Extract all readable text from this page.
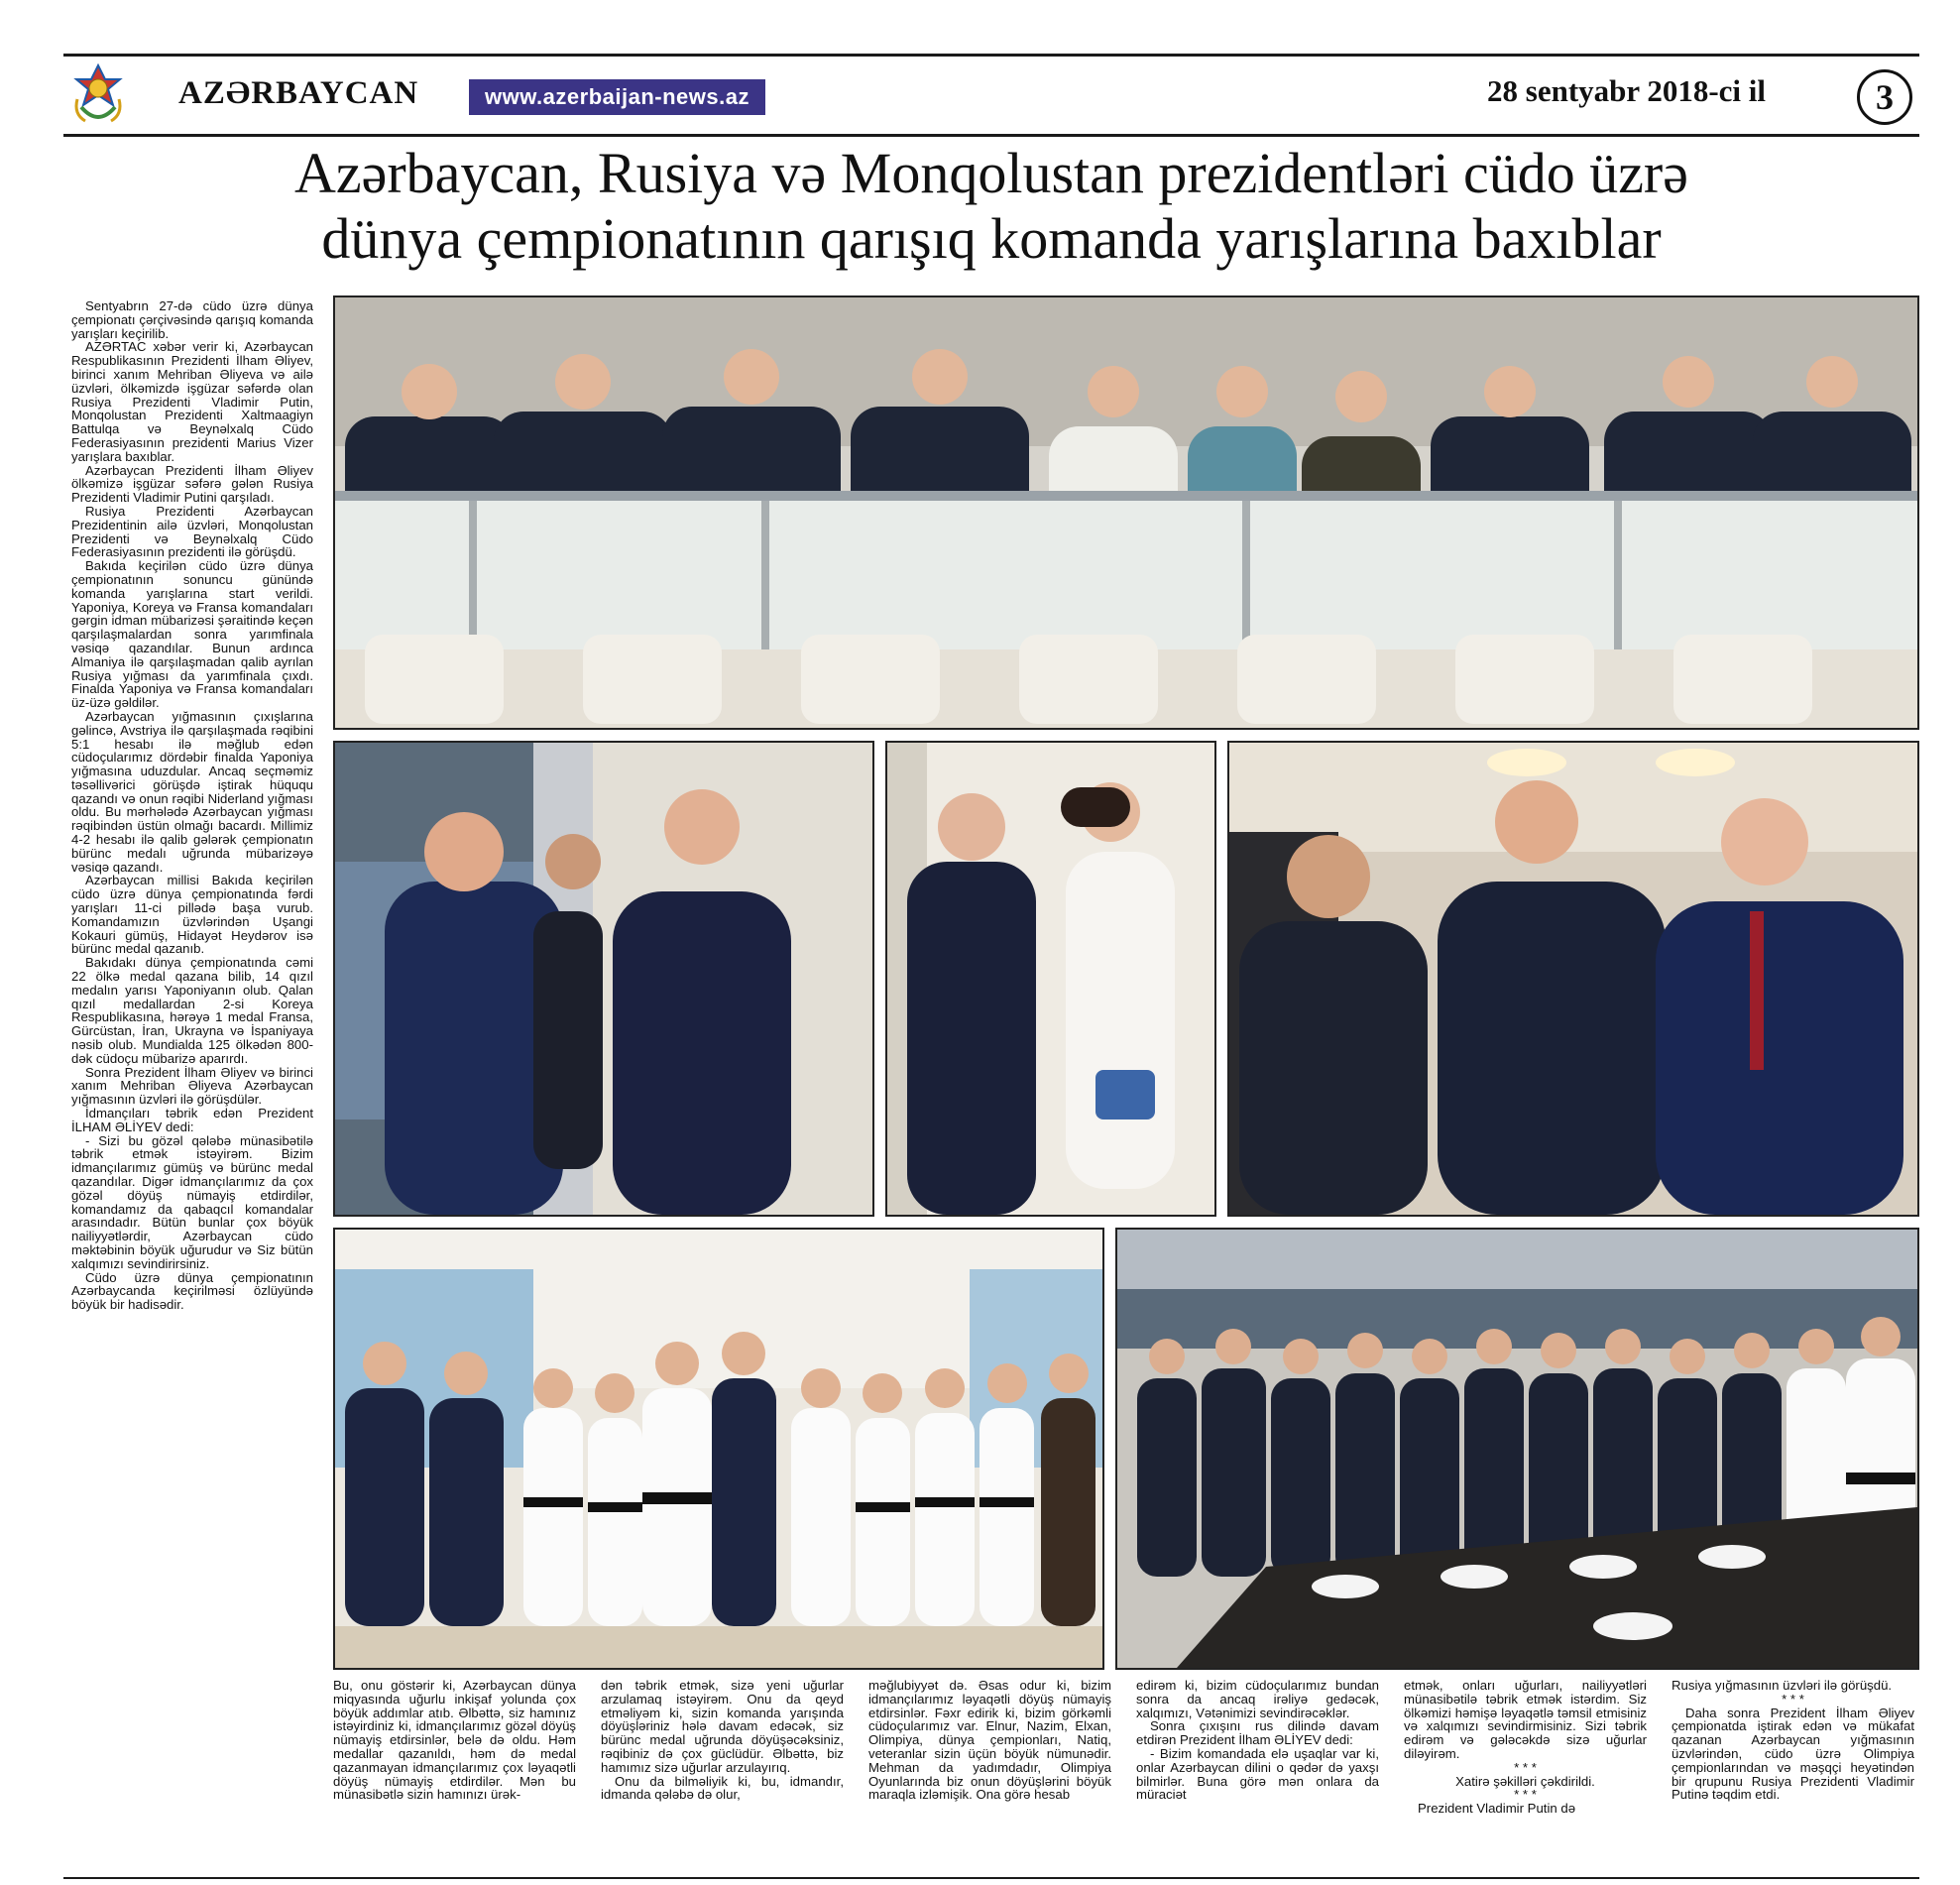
AZƏRBAYCAN	www.azerbaijan-news.az	28 sentyabr 2018-ci il	3
Azərbaycan, Rusiya və Monqolustan prezidentləri cüdo üzrə
dünya çempionatının qarışıq komanda yarışlarına baxıblar

Sentyabrın 27-də cüdo üzrə dünya çempionatı çərçivəsində qarışıq komanda yarışları keçirilib.

AZƏRTAC xəbər verir ki, Azərbaycan Respublikasının Prezidenti İlham Əliyev, birinci xanım Mehriban Əliyeva və ailə üzvləri, ölkəmizdə işgüzar səfərdə olan Rusiya Prezidenti Vladimir Putin, Monqolustan Prezidenti Xaltmaagiyn Battulqa və Beynəlxalq Cüdo Federasiyasının prezidenti Marius Vizer yarışlara baxıblar.

Azərbaycan Prezidenti İlham Əliyev ölkəmizə işgüzar səfərə gələn Rusiya Prezidenti Vladimir Putini qarşıladı.

Rusiya Prezidenti Azərbaycan Prezidentinin ailə üzvləri, Monqolustan Prezidenti və Beynəlxalq Cüdo Federasiyasının prezidenti ilə görüşdü.

Bakıda keçirilən cüdo üzrə dünya çempionatının sonuncu günündə komanda yarışlarına start verildi. Yaponiya, Koreya və Fransa komandaları gərgin idman mübarizəsi şəraitində keçən qarşılaşmalardan sonra yarımfinala vəsiqə qazandılar. Bunun ardınca Almaniya ilə qarşılaşmadan qalib ayrılan Rusiya yığması da yarımfinala çıxdı. Finalda Yaponiya və Fransa komandaları üz-üzə gəldilər.

Azərbaycan yığmasının çıxışlarına gəlincə, Avstriya ilə qarşılaşmada rəqibini 5:1 hesabı ilə məğlub edən cüdoçularımız dördəbir finalda Yaponiya yığmasına uduzdular. Ancaq seçməmiz təsəllivərici görüşdə iştirak hüququ qazandı və onun rəqibi Niderland yığması oldu. Bu mərhələdə Azərbaycan yığması rəqibindən üstün olmağı bacardı. Millimiz 4-2 hesabı ilə qalib gələrək çempionatın bürünc medalı uğrunda mübarizəyə vəsiqə qazandı.

Azərbaycan millisi Bakıda keçirilən cüdo üzrə dünya çempionatında fərdi yarışları 11-ci pillədə başa vurub. Komandamızın üzvlərindən Uşangi Kokauri gümüş, Hidayət Heydərov isə bürünc medal qazanıb.

Bakıdakı dünya çempionatında cəmi 22 ölkə medal qazana bilib, 14 qızıl medalın yarısı Yaponiyanın olub. Qalan qızıl medallardan 2-si Koreya Respublikasına, hərəyə 1 medal Fransa, Gürcüstan, İran, Ukrayna və İspaniyaya nəsib olub. Mundialda 125 ölkədən 800-dək cüdoçu mübarizə aparırdı.

Sonra Prezident İlham Əliyev və birinci xanım Mehriban Əliyeva Azərbaycan yığmasının üzvləri ilə görüşdülər.

İdmançıları təbrik edən Prezident İLHAM ƏLİYEV dedi:

- Sizi bu gözəl qələbə münasibətilə təbrik etmək istəyirəm. Bizim idmançılarımız gümüş və bürünc medal qazandılar. Digər idmançılarımız da çox gözəl döyüş nümayiş etdirdilər, komandamız da qabaqcıl komandalar arasındadır. Bütün bunlar çox böyük nailiyyətlərdir, Azərbaycan cüdo məktəbinin böyük uğurudur və Siz bütün xalqımızı sevindirirsiniz.

Cüdo üzrə dünya çempionatının Azərbaycanda keçirilməsi özlüyündə böyük bir hadisədir.

Bu, onu göstərir ki, Azərbaycan dünya miqyasında uğurlu inkişaf yolunda çox böyük addımlar atıb. Əlbəttə, siz hamınız istəyirdiniz ki, idmançılarımız gözəl döyüş nümayiş etdirsinlər, belə də oldu. Həm medallar qazanıldı, həm də medal qazanmayan idmançılarımız çox ləyaqətli döyüş nümayiş etdirdilər. Mən bu münasibətlə sizin hamınızı ürək-

dən təbrik etmək, sizə yeni uğurlar arzulamaq istəyirəm. Onu da qeyd etməliyəm ki, sizin komanda yarışında döyüşləriniz hələ davam edəcək, siz bürünc medal uğrunda döyüşəcəksiniz, rəqibiniz də çox güclüdür. Əlbəttə, biz hamımız sizə uğurlar arzulayırıq.

Onu da bilməliyik ki, bu, idmandır, idmanda qələbə də olur,

məğlubiyyət də. Əsas odur ki, bizim idmançılarımız ləyaqətli döyüş nümayiş etdirsinlər. Fəxr edirik ki, bizim görkəmli cüdoçularımız var. Elnur, Nazim, Elxan, Olimpiya, dünya çempionları, Natiq, veteranlar sizin üçün böyük nümunədir. Mehman da yadımdadır, Olimpiya Oyunlarında biz onun döyüşlərini böyük maraqla izləmişik. Ona görə hesab

edirəm ki, bizim cüdoçularımız bundan sonra da ancaq irəliyə gedəcək, xalqımızı, Vətənimizi sevindirəcəklər.

Sonra çıxışını rus dilində davam etdirən Prezident İlham ƏLİYEV dedi:

- Bizim komandada elə uşaqlar var ki, onlar Azərbaycan dilini o qədər də yaxşı bilmirlər. Buna görə mən onlara da müraciət

etmək, onları uğurları, nailiyyətləri münasibətilə təbrik etmək istərdim. Siz ölkəmizi həmişə ləyaqətlə təmsil etmisiniz və xalqımızı sevindirmisiniz. Sizi təbrik edirəm və gələcəkdə sizə uğurlar diləyirəm.

* * *

Xatirə şəkilləri çəkdirildi.

* * *

Prezident Vladimir Putin də

Rusiya yığmasının üzvləri ilə görüşdü.

* * *

Daha sonra Prezident İlham Əliyev çempionatda iştirak edən və mükafat qazanan Azərbaycan yığmasının üzvlərindən, cüdo üzrə Olimpiya çempionlarından və məşqçi heyətindən bir qrupunu Rusiya Prezidenti Vladimir Putinə təqdim etdi.
